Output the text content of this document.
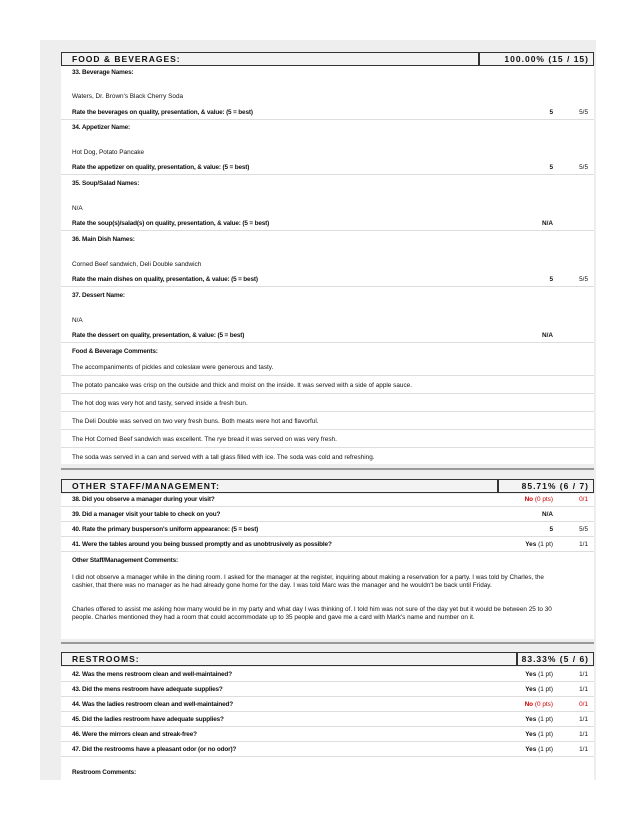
FOOD & BEVERAGES:	100.00% (15 / 15)
33. Beverage Names:
Waters, Dr. Brown's Black Cherry Soda
Rate the beverages on quality, presentation, & value: (5 = best)	5	5/5
34. Appetizer Name:
Hot Dog, Potato Pancake
Rate the appetizer on quality, presentation, & value: (5 = best)	5	5/5
35. Soup/Salad Names:
N/A
Rate the soup(s)/salad(s) on quality, presentation, & value: (5 = best)	N/A
36. Main Dish Names:
Corned Beef sandwich, Deli Double sandwich
Rate the main dishes on quality, presentation, & value: (5 = best)	5	5/5
37. Dessert Name:
N/A
Rate the dessert on quality, presentation, & value: (5 = best)	N/A
Food & Beverage Comments:
The accompaniments of pickles and coleslaw were generous and tasty.
The potato pancake was crisp on the outside and thick and moist on the inside. It was served with a side of apple sauce.
The hot dog was very hot and tasty, served inside a fresh bun.
The Deli Double was served on two very fresh buns. Both meats were hot and flavorful.
The Hot Corned Beef sandwich was excellent. The rye bread it was served on was very fresh.
The soda was served in a can and served with a tall glass filled with ice. The soda was cold and refreshing.
OTHER STAFF/MANAGEMENT:	85.71% (6 / 7)
38. Did you observe a manager during your visit?	No (0 pts)	0/1
39. Did a manager visit your table to check on you?	N/A
40. Rate the primary busperson's uniform appearance: (5 = best)	5	5/5
41. Were the tables around you being bussed promptly and as unobtrusively as possible?	Yes (1 pt)	1/1
Other Staff/Management Comments:
I did not observe a manager while in the dining room. I asked for the manager at the register, inquiring about making a reservation for a party. I was told by Charles, the cashier, that there was no manager as he had already gone home for the day. I was told Marc was the manager and he wouldn't be back until Friday.
Charles offered to assist me asking how many would be in my party and what day I was thinking of. I told him was not sure of the day yet but it would be between 25 to 30 people. Charles mentioned they had a room that could accommodate up to 35 people and gave me a card with Mark's name and number on it.
RESTROOMS:	83.33% (5 / 6)
42. Was the mens restroom clean and well-maintained?	Yes (1 pt)	1/1
43. Did the mens restroom have adequate supplies?	Yes (1 pt)	1/1
44. Was the ladies restroom clean and well-maintained?	No (0 pts)	0/1
45. Did the ladies restroom have adequate supplies?	Yes (1 pt)	1/1
46. Were the mirrors clean and streak-free?	Yes (1 pt)	1/1
47. Did the restrooms have a pleasant odor (or no odor)?	Yes (1 pt)	1/1
Restroom Comments:
